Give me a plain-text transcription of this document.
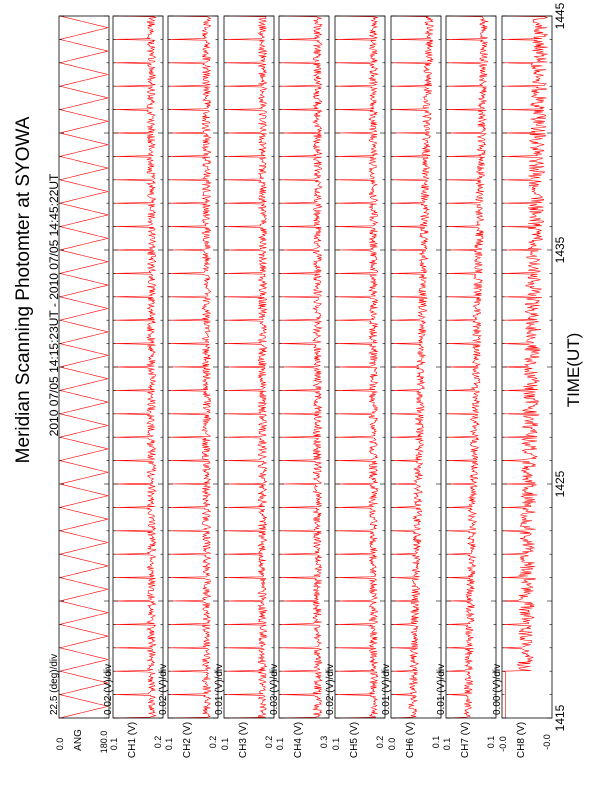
0.0 ANG 180.0
22.5 (deg)/div
0.1 CH1 (V) 0.2
0.02 (V)/div
0.1 CH2 (V) 0.2
0.02 (V)/div
0.1 CH3 (V) 0.2
0.01 (V)/div
0.1 CH4 (V) 0.3
0.03 (V)/div
0.1 CH5 (V) 0.2
0.02 (V)/div
0.0 CH6 (V) 0.1
0.01 (V)/div
0.1 CH7 (V) 0.1
0.01 (V)/div
-0.0 CH8 (V) -0.0
0.00 (V)/div
1415
1425
1435
1445
Meridian Scanning Photomter at SYOWA 2010 07/05 14:15:23UT - 2010 07/05 14:45:22UT	TIME(UT)
